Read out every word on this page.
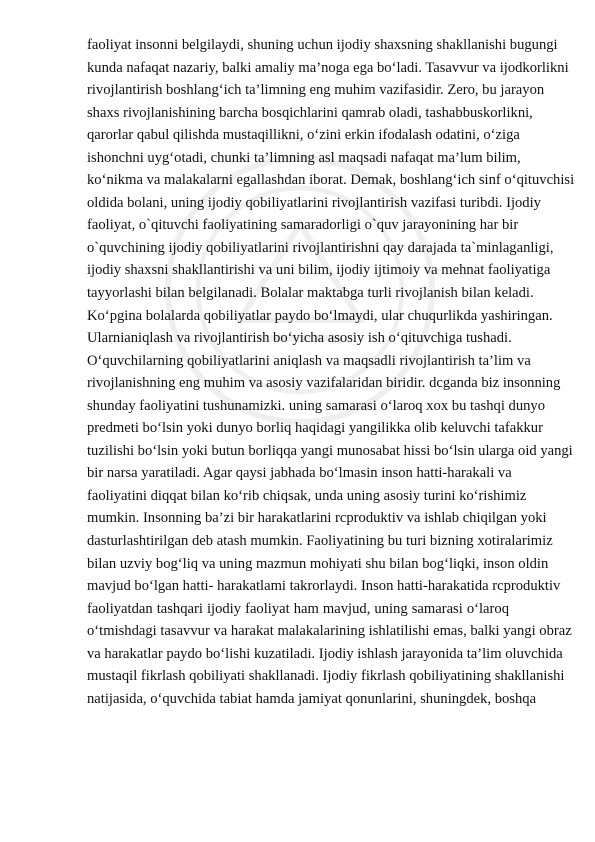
faoliyat insonni belgilaydi, shuning uchun ijodiy shaxsning shakllanishi bugungi
kunda nafaqat nazariy, balki amaliy ma’noga ega bo‘ladi. Tasavvur va ijodkorlikni
rivojlantirish boshlang‘ich ta’limning eng muhim vazifasidir. Zero, bu jarayon
shaxs rivojlanishining barcha bosqichlarini qamrab oladi, tashabbuskorlikni,
qarorlar qabul qilishda mustaqillikni, o‘zini erkin ifodalash odatini, o‘ziga
ishonchni uyg‘otadi, chunki ta’limning asl maqsadi nafaqat ma’lum bilim,
ko‘nikma va malakalarni egallashdan iborat. Demak, boshlang‘ich sinf o‘qituvchisi
oldida bolani, uning ijodiy qobiliyatlarini rivojlantirish vazifasi turibdi. Ijodiy
faoliyat, o`qituvchi faoliyatining samaradorligi o`quv jarayonining har bir
o`quvchining ijodiy qobiliyatlarini rivojlantirishni qay darajada ta`minlaganligi,
ijodiy shaxsni shakllantirishi va uni bilim, ijodiy ijtimoiy va mehnat faoliyatiga
tayyorlashi bilan belgilanadi. Bolalar maktabga turli rivojlanish bilan keladi.
Ko‘pgina bolalarda qobiliyatlar paydo bo‘lmaydi, ular chuqurlikda yashiringan.
Ularnianiqlash va rivojlantirish bo‘yicha asosiy ish o‘qituvchiga tushadi.
O‘quvchilarning qobiliyatlarini aniqlash va maqsadli rivojlantirish ta’lim va
rivojlanishning eng muhim va asosiy vazifalaridan biridir. dcganda biz insonning
shunday faoliyatini tushunamizki. uning samarasi o‘laroq xox bu tashqi dunyo
predmeti bo‘lsin yoki dunyo borliq haqidagi yangilikka olib keluvchi tafakkur
tuzilishi bo‘lsin yoki butun borliqqa yangi munosabat hissi bo‘lsin ularga oid yangi
bir narsa yaratiladi. Agar qaysi jabhada bo‘lmasin inson hatti-harakali va
faoliyatini diqqat bilan ko‘rib chiqsak, unda uning asosiy turini ko‘rishimiz
mumkin. Insonning ba’zi bir harakatlarini rcproduktiv va ishlab chiqilgan yoki
dasturlashtirilgan deb atash mumkin. Faoliyatining bu turi bizning xotiralarimiz
bilan uzviy bog‘liq va uning mazmun mohiyati shu bilan bog‘liqki, inson oldin
mavjud bo‘lgan hatti- harakatlami takrorlaydi. Inson hatti-harakatida rcproduktiv
faoliyatdan tashqari ijodiy faoliyat ham mavjud, uning samarasi o‘laroq
o‘tmishdagi tasavvur va harakat malakalarining ishlatilishi emas, balki yangi obraz
va harakatlar paydo bo‘lishi kuzatiladi. Ijodiy ishlash jarayonida ta’lim oluvchida
mustaqil fikrlash qobiliyati shakllanadi. Ijodiy fikrlash qobiliyatining shakllanishi
natijasida, o‘quvchida tabiat hamda jamiyat qonunlarini, shuningdek, boshqa
